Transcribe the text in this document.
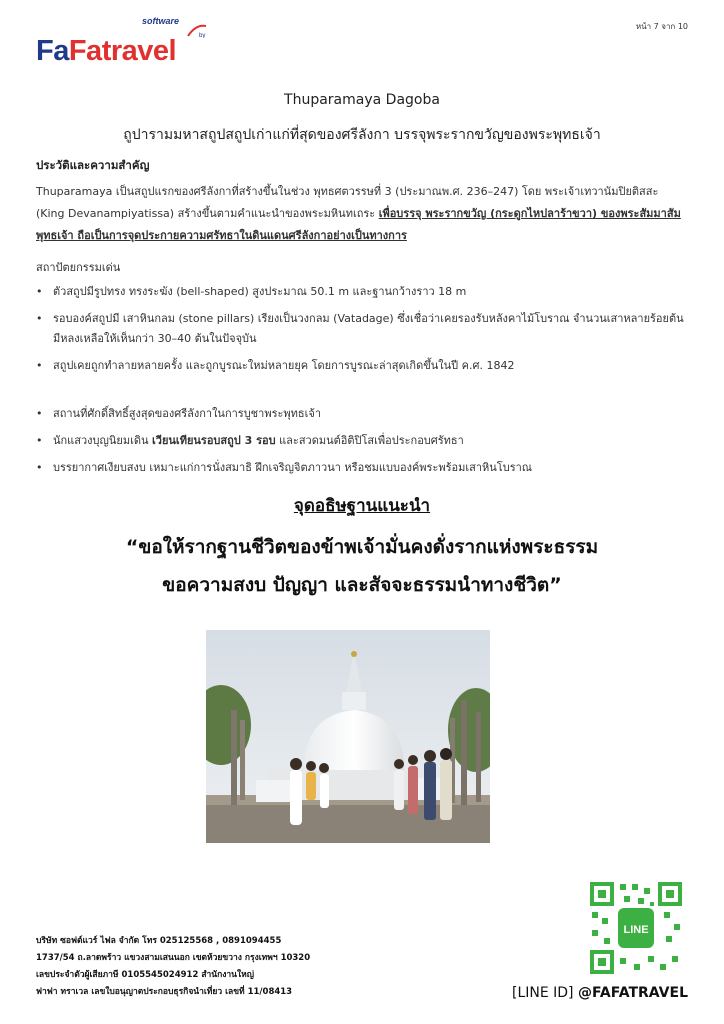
software
by
FaFatravel
หน้า 7 จาก 10
Thuparamaya Dagoba
ถูปารามมหาสถูปสถูปเก่าแก่ที่สุดของศรีลังกา บรรจุพระรากขวัญของพระพุทธเจ้า
ประวัติและความสำคัญ
Thuparamaya เป็นสถูปแรกของศรีลังกาที่สร้างขึ้นในช่วง พุทธศตวรรษที่ 3 (ประมาณพ.ศ. 236–247) โดย พระเจ้าเทวานัมปิยติสสะ (King Devanampiyatissa) สร้างขึ้นตามคำแนะนำของพระมหินทเถระ เพื่อบรรจุ พระรากขวัญ (กระดูกไหปลาร้าขวา) ของพระสัมมาสัมพุทธเจ้า ถือเป็นการจุดประกายความศรัทธาในดินแดนศรีลังกาอย่างเป็นทางการ
สถาปัตยกรรมเด่น
• ตัวสถูปมีรูปทรง ทรงระฆัง (bell-shaped) สูงประมาณ 50.1 m และฐานกว้างราว 18 m
• รอบองค์สถูปมี เสาหินกลม (stone pillars) เรียงเป็นวงกลม (Vatadage) ซึ่งเชื่อว่าเคยรองรับหลังคาไม้โบราณ จำนวนเสาหลายร้อยต้น มีหลงเหลือให้เห็นกว่า 30–40 ต้นในปัจจุบัน
• สถูปเคยถูกทำลายหลายครั้ง และถูกบูรณะใหม่หลายยุค โดยการบูรณะล่าสุดเกิดขึ้นในปี ค.ศ. 1842
• สถานที่ศักดิ์สิทธิ์สูงสุดของศรีลังกาในการบูชาพระพุทธเจ้า
• นักแสวงบุญนิยมเดิน เวียนเทียนรอบสถูป 3 รอบ และสวดมนต์อิติปิโสเพื่อประกอบศรัทธา
• บรรยากาศเงียบสงบ เหมาะแก่การนั่งสมาธิ ฝึกเจริญจิตภาวนา หรือชมแบบองค์พระพร้อมเสาหินโบราณ
จุดอธิษฐานแนะนำ
“ขอให้รากฐานชีวิตของข้าพเจ้ามั่นคงดั่งรากแห่งพระธรรม
ขอความสงบ ปัญญา และสัจจะธรรมนำทางชีวิต”
บริษัท ซอฟต์แวร์ ไฟล จำกัด โทร 025125568 , 0891094455
1737/54 ถ.ลาดพร้าว แขวงสามเสนนอก เขตห้วยขวาง กรุงเทพฯ 10320
เลขประจำตัวผู้เสียภาษี 0105545024912 สำนักงานใหญ่
ฟาฟา ทราเวล เลขใบอนุญาตประกอบธุรกิจนำเที่ยว เลขที่ 11/08413
LINE
[LINE ID] @FAFATRAVEL
